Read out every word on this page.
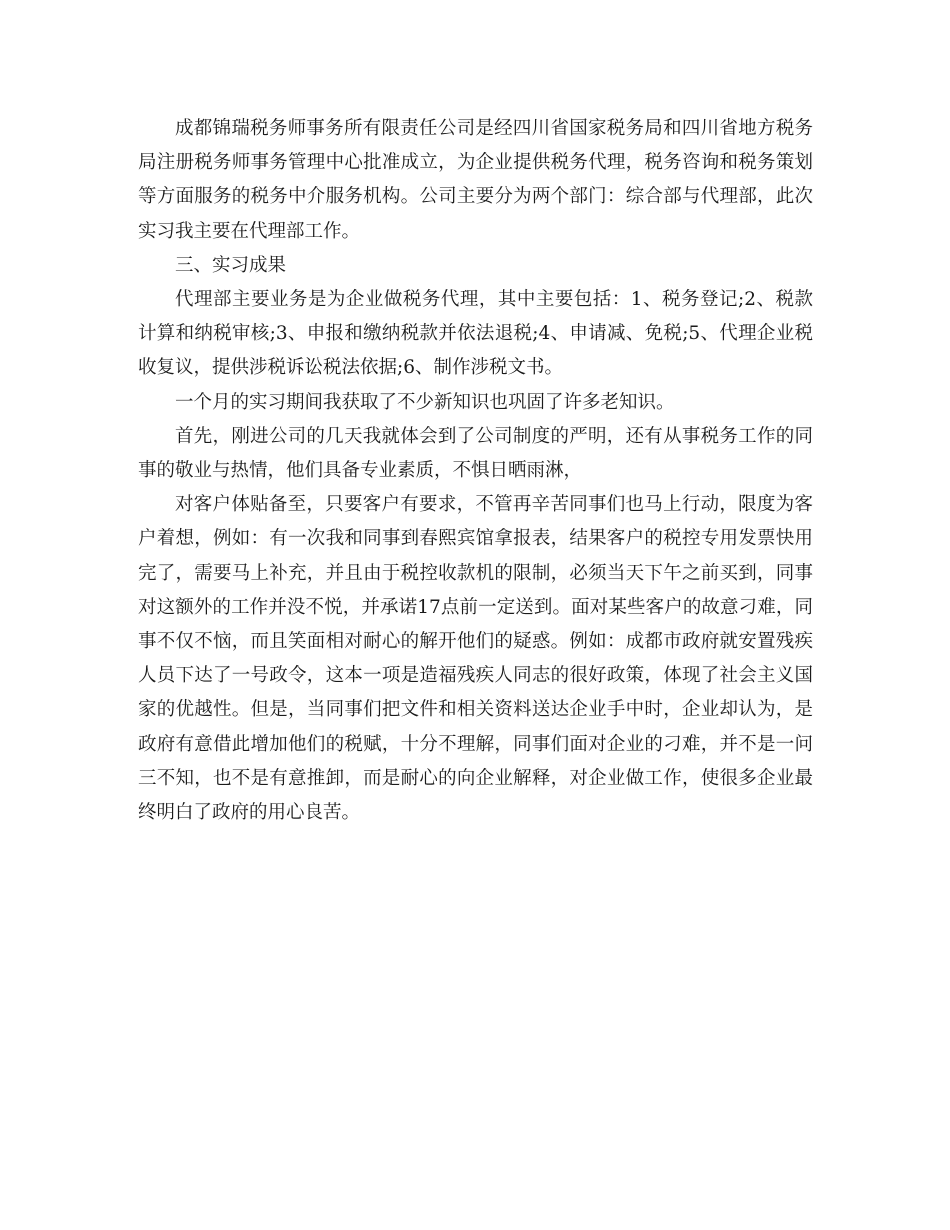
成都锦瑞税务师事务所有限责任公司是经四川省国家税务局和四川省地方税务局注册税务师事务管理中心批准成立，为企业提供税务代理，税务咨询和税务策划等方面服务的税务中介服务机构。公司主要分为两个部门：综合部与代理部，此次实习我主要在代理部工作。

三、实习成果

代理部主要业务是为企业做税务代理，其中主要包括：1、税务登记;2、税款计算和纳税审核;3、申报和缴纳税款并依法退税;4、申请减、免税;5、代理企业税收复议，提供涉税诉讼税法依据;6、制作涉税文书。

一个月的实习期间我获取了不少新知识也巩固了许多老知识。

首先，刚进公司的几天我就体会到了公司制度的严明，还有从事税务工作的同事的敬业与热情，他们具备专业素质，不惧日晒雨淋，

对客户体贴备至，只要客户有要求，不管再辛苦同事们也马上行动，限度为客户着想，例如：有一次我和同事到春熙宾馆拿报表，结果客户的税控专用发票快用完了，需要马上补充，并且由于税控收款机的限制，必须当天下午之前买到，同事对这额外的工作并没不悦，并承诺17点前一定送到。面对某些客户的故意刁难，同事不仅不恼，而且笑面相对耐心的解开他们的疑惑。例如：成都市政府就安置残疾人员下达了一号政令，这本一项是造福残疾人同志的很好政策，体现了社会主义国家的优越性。但是，当同事们把文件和相关资料送达企业手中时，企业却认为，是政府有意借此增加他们的税赋，十分不理解，同事们面对企业的刁难，并不是一问三不知，也不是有意推卸，而是耐心的向企业解释，对企业做工作，使很多企业最终明白了政府的用心良苦。
